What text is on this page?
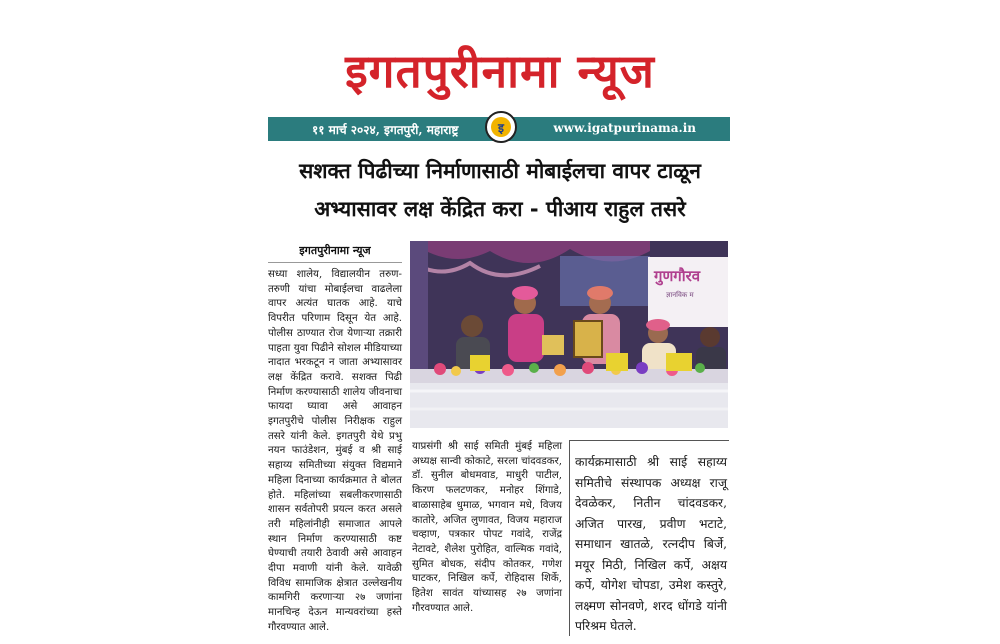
इगतपुरीनामा न्यूज
११ मार्च २०२४, इगतपुरी, महाराष्ट्र	www.igatpurinama.in
इ
सशक्त पिढीच्या निर्माणासाठी मोबाईलचा वापर टाळून
अभ्यासावर लक्ष केंद्रित करा - पीआय राहुल तसरे
इगतपुरीनामा न्यूज
सध्या शालेय, विद्यालयीन तरुण-तरुणी यांचा मोबाईलचा वाढलेला वापर अत्यंत घातक आहे. याचे विपरीत परिणाम दिसून येत आहे. पोलीस ठाण्यात रोज येणाऱ्या तक्रारी पाहता युवा पिढीने सोशल मीडियाच्या नादात भरकटून न जाता अभ्यासावर लक्ष केंद्रित करावे. सशक्त पिढी निर्माण करण्यासाठी शालेय जीवनाचा फायदा घ्यावा असे आवाहन इगतपुरीचे पोलीस निरीक्षक राहुल तसरे यांनी केले. इगतपुरी येथे प्रभु नयन फाउंडेशन, मुंबई व श्री साई सहाय्य समितीच्या संयुक्त विद्यमाने महिला दिनाच्या कार्यक्रमात ते बोलत होते. महिलांच्या सबलीकरणासाठी शासन सर्वतोपरी प्रयत्न करत असले तरी महिलांनीही समाजात आपले स्थान निर्माण करण्यासाठी कष्ट घेण्याची तयारी ठेवावी असे आवाहन दीपा मवाणी यांनी केले. यावेळी विविध सामाजिक क्षेत्रात उल्लेखनीय कामगिरी करणाऱ्या २७ जणांना मानचिन्ह देऊन मान्यवरांच्या हस्ते गौरवण्यात आले.
गुणगौरव
ज्ञानविक म
याप्रसंगी श्री साई समिती मुंबई महिला अध्यक्ष सान्वी कोकाटे, सरला चांदवडकर, डॉ. सुनील बोधमवाड, माधुरी पाटील, किरण फलटणकर, मनोहर शिंगाडे, बाळासाहेब धुमाळ, भगवान मधे, विजय कातोरे, अजित लुणावत, विजय महाराज चव्हाण, पत्रकार पोपट गवांदे, राजेंद्र नेटावटे, शैलेश पुरोहित, वाल्मिक गवांदे, सुमित बोधक, संदीप कोतकर, गणेश घाटकर, निखिल कर्पे, रोहिदास शिर्के, हितेश सावंत यांच्यासह २७ जणांना गौरवण्यात आले.
कार्यक्रमासाठी श्री साई सहाय्य समितीचे संस्थापक अध्यक्ष राजू देवळेकर, नितीन चांदवडकर, अजित पारख, प्रवीण भटाटे, समाधान खातळे, रत्नदीप बिर्जे, मयूर मिठी, निखिल कर्पे, अक्षय कर्पे, योगेश चोपडा, उमेश कस्तुरे, लक्ष्मण सोनवणे, शरद धोंगडे यांनी परिश्रम घेतले.
